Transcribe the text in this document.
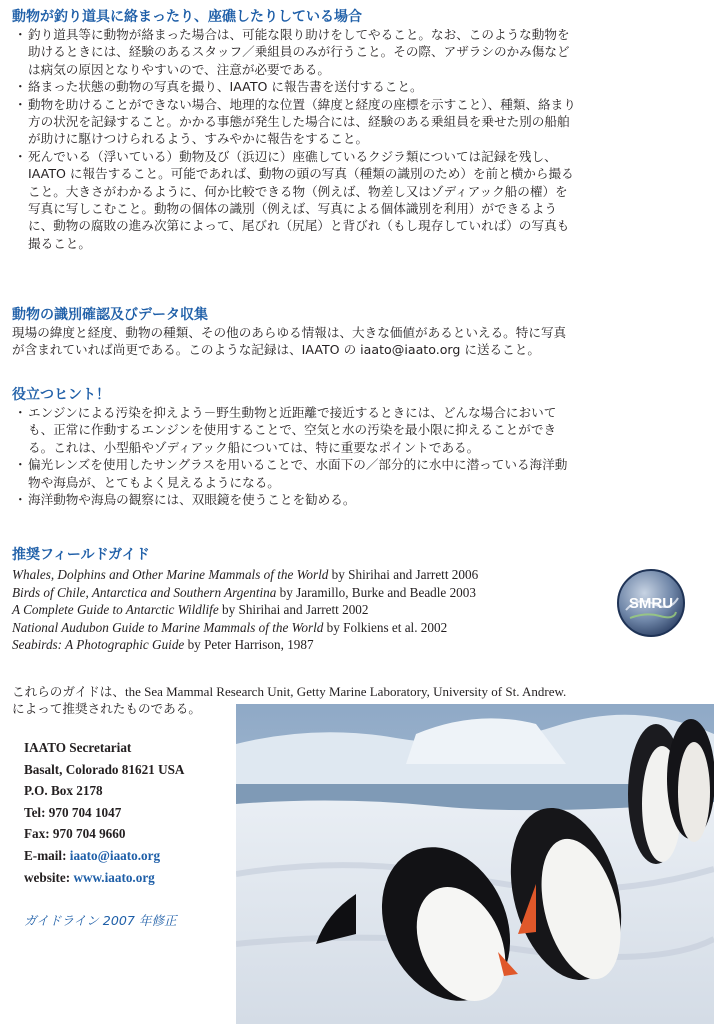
動物が釣り道具に絡まったり、座礁したりしている場合
・ 釣り道具等に動物が絡まった場合は、可能な限り助けをしてやること。なお、このような動物を
助けるときには、経験のあるスタッフ／乗組員のみが行うこと。その際、アザラシのかみ傷など
は病気の原因となりやすいので、注意が必要である。
・ 絡まった状態の動物の写真を撮り、IAATO に報告書を送付すること。
・ 動物を助けることができない場合、地理的な位置（緯度と経度の座標を示すこと）、種類、絡まり
方の状況を記録すること。かかる事態が発生した場合には、経験のある乗組員を乗せた別の船舶
が助けに駆けつけられるよう、すみやかに報告をすること。
・ 死んでいる（浮いている）動物及び（浜辺に）座礁しているクジラ類については記録を残し、
IAATO に報告すること。可能であれば、動物の頭の写真（種類の識別のため）を前と横から撮る
こと。大きさがわかるように、何か比較できる物（例えば、物差し又はゾディアック船の櫂）を
写真に写しこむこと。動物の個体の識別（例えば、写真による個体識別を利用）ができるよう
に、動物の腐敗の進み次第によって、尾びれ（尻尾）と背びれ（もし現存していれば）の写真も
撮ること。
動物の識別確認及びデータ収集

現場の緯度と経度、動物の種類、その他のあらゆる情報は、大きな価値があるといえる。特に写真

が含まれていれば尚更である。このような記録は、IAATO の iaato@iaato.org に送ること。

役立つヒント！
・ エンジンによる汚染を抑えよう－野生動物と近距離で接近するときには、どんな場合において
も、正常に作動するエンジンを使用することで、空気と水の汚染を最小限に抑えることができ
る。これは、小型船やゾディアック船については、特に重要なポイントである。
・ 偏光レンズを使用したサングラスを用いることで、水面下の／部分的に水中に潜っている海洋動
物や海鳥が、とてもよく見えるようになる。
・ 海洋動物や海鳥の観察には、双眼鏡を使うことを勧める。
推奨フィールドガイド
Whales, Dolphins and Other Marine Mammals of the World by Shirihai and Jarrett 2006
Birds of Chile, Antarctica and Southern Argentina by Jaramillo, Burke and Beadle 2003
A Complete Guide to Antarctic Wildlife by Shirihai and Jarrett 2002
National Audubon Guide to Marine Mammals of the World by Folkiens et al. 2002
Seabirds: A Photographic Guide by Peter Harrison, 1987
SMRU
これらのガイドは、the Sea Mammal Research Unit, Getty Marine Laboratory, University of St. Andrew.
によって推奨されたものである。
IAATO Secretariat
Basalt, Colorado 81621 USA
P.O. Box 2178
Tel: 970 704 1047
Fax: 970 704 9660
E-mail: iaato@iaato.org
website: www.iaato.org
ガイドライン 2007 年修正
